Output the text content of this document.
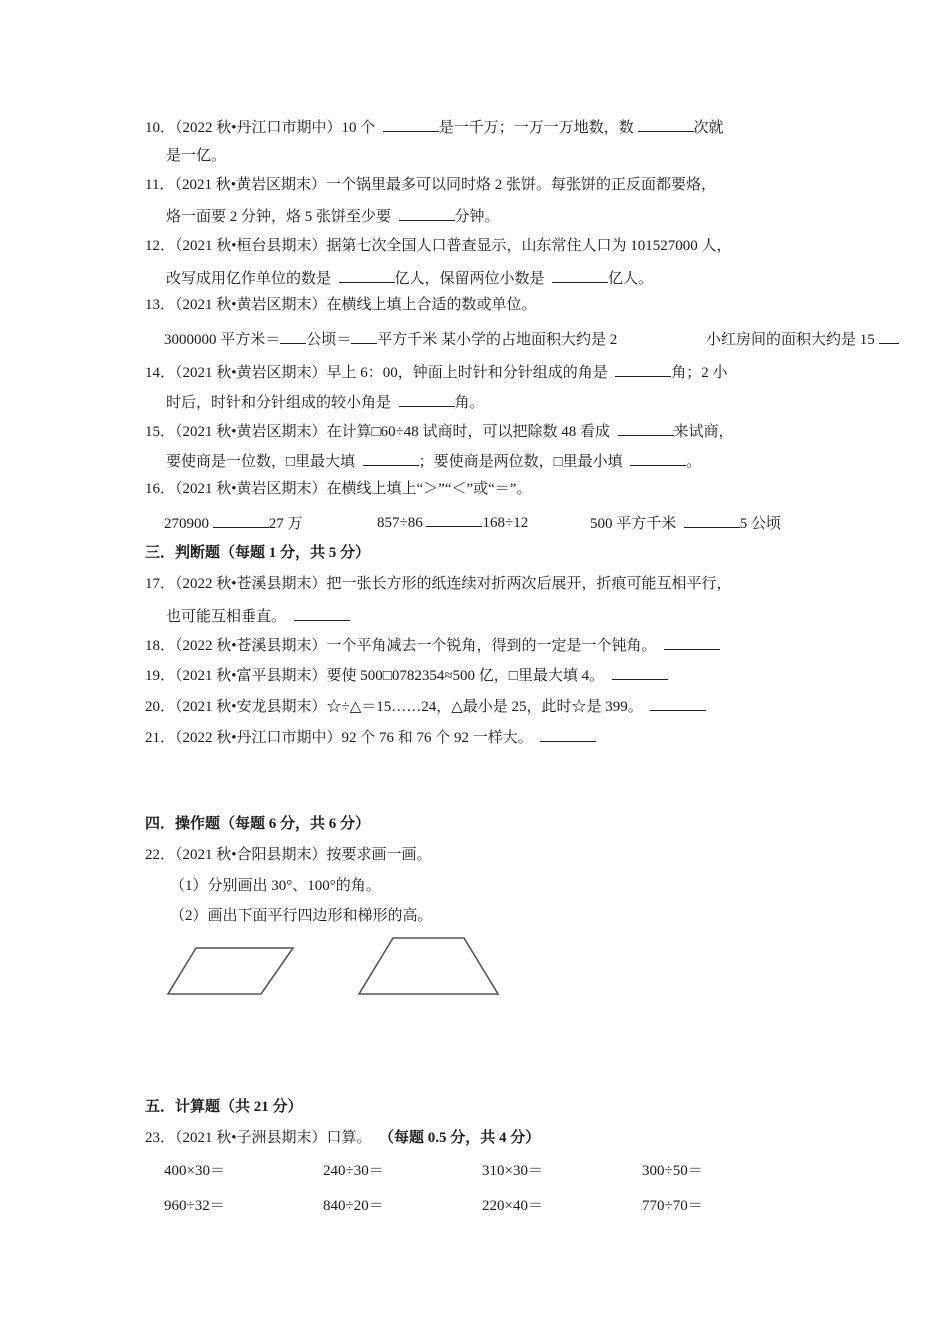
10．（2022 秋•丹江口市期中）10 个	是一千万；一万一万地数，数	次就
是一亿。
11．（2021 秋•黄岩区期末）一个锅里最多可以同时烙 2 张饼。每张饼的正反面都要烙，
烙一面要 2 分钟，烙 5 张饼至少要	分钟。
12．（2021 秋•桓台县期末）据第七次全国人口普查显示，山东常住人口为 101527000 人，
改写成用亿作单位的数是	亿人，保留两位小数是	亿人。
13．（2021 秋•黄岩区期末）在横线上填上合适的数或单位。
3000000 平方米＝ 公顷＝ 平方千米 某小学的占地面积大约是 2	小红房间的面积大约是 15
14．（2021 秋•黄岩区期末）早上 6：00，钟面上时针和分针组成的角是	角；2 小
时后，时针和分针组成的较小角是	角。
15．（2021 秋•黄岩区期末）在计算□60÷48 试商时，可以把除数 48 看成	来试商，
要使商是一位数，□里最大填	；要使商是两位数，□里最小填	。
16．（2021 秋•黄岩区期末）在横线上填上“＞”“＜”或“＝”。
270900	27 万	857÷86	168÷12	500 平方千米	5 公顷
三．判断题（每题 1 分，共 5 分）
17．（2022 秋•苍溪县期末）把一张长方形的纸连续对折两次后展开，折痕可能互相平行，
也可能互相垂直。
18．（2022 秋•苍溪县期末）一个平角减去一个锐角，得到的一定是一个钝角。
19．（2021 秋•富平县期末）要使 500□0782354≈500 亿，□里最大填 4。
20．（2021 秋•安龙县期末）☆÷△＝15……24，△最小是 25，此时☆是 399。
21．（2022 秋•丹江口市期中）92 个 76 和 76 个 92 一样大。
四．操作题（每题 6 分，共 6 分）
22．（2021 秋•合阳县期末）按要求画一画。
（1）分别画出 30°、100°的角。
（2）画出下面平行四边形和梯形的高。
五．计算题（共 21 分）
23．（2021 秋•子洲县期末）口算。 （每题 0.5 分，共 4 分）
400×30＝	240÷30＝	310×30＝	300÷50＝
960÷32＝	840÷20＝	220×40＝	770÷70＝
